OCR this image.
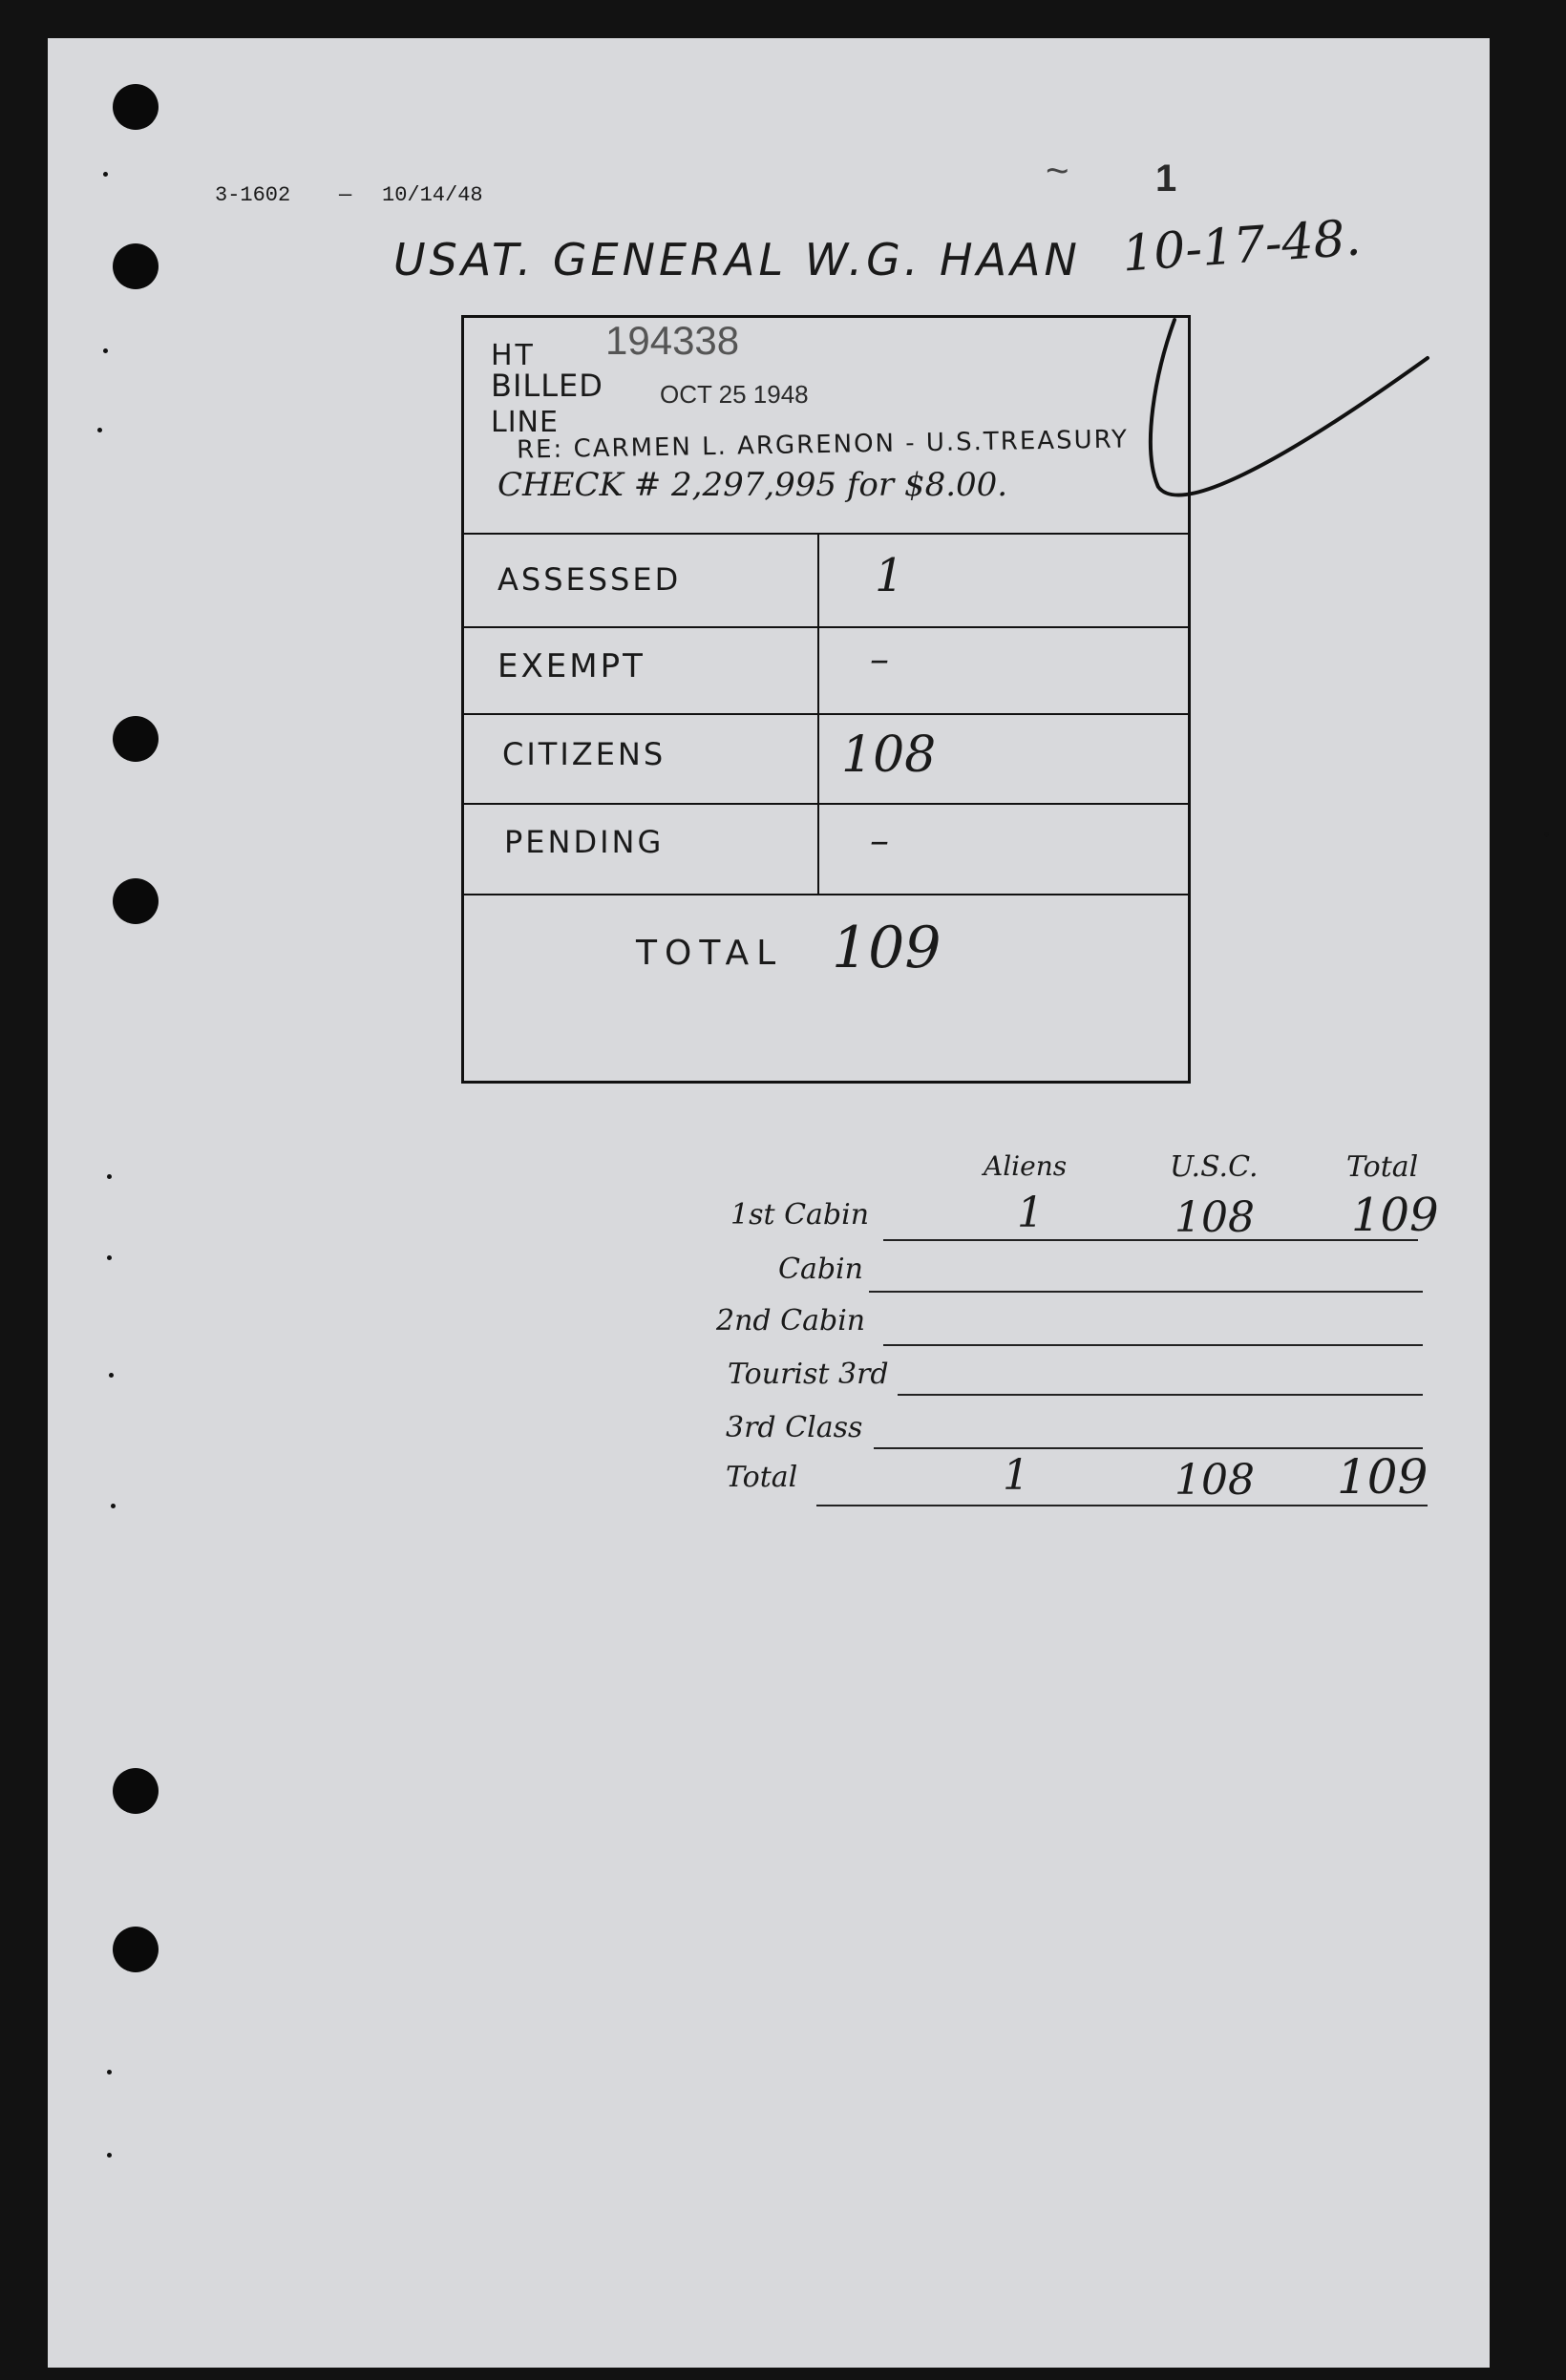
3-1602 — 10/14/48
~ 1
USAT. GENERAL W.G. HAAN 10-17-48.
194338
HT
BILLED OCT 25 1948
LINE
RE: CARMEN L. ARGRENON - U.S.TREASURY
CHECK # 2,297,995 for $8.00.
ASSESSED	1
EXEMPT	–
CITIZENS	108
PENDING	–
TOTAL 109
Aliens	U.S.C.	Total
1st Cabin	1	108 109
Cabin
2nd Cabin
Tourist 3rd
3rd Class
Total	1	108 109
